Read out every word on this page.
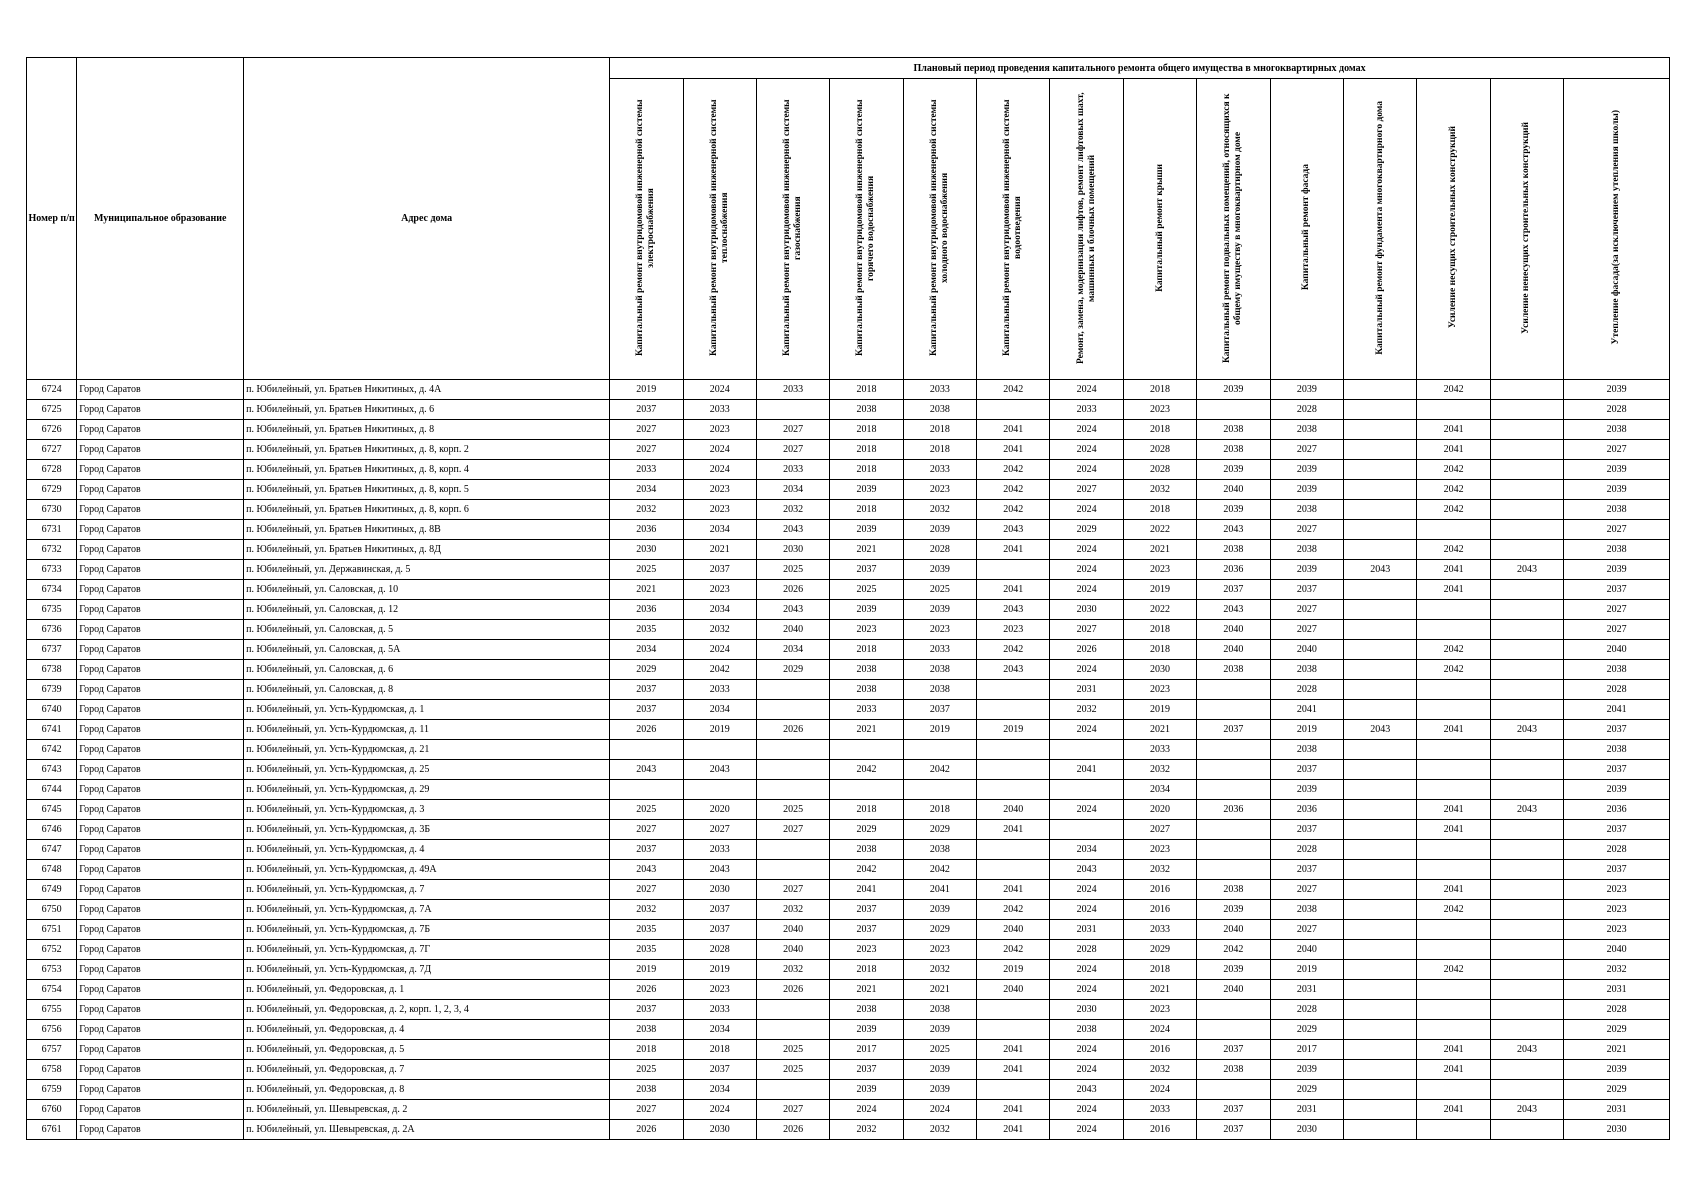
Номер п/п	Муниципальное образование	Адрес дома	Плановый период проведения капитального ремонта общего имущества в многоквартирных домах													
			Капитальный ремонт внутридомовой инженерной системы электроснабжения	Капитальный ремонт внутридомовой инженерной системы теплоснабжения	Капитальный ремонт внутридомовой инженерной системы газоснабжения	Капитальный ремонт внутридомовой инженерной системы горячего водоснабжения	Капитальный ремонт внутридомовой инженерной системы холодного водоснабжения	Капитальный ремонт внутридомовой инженерной системы водоотведения	Ремонт, замена, модернизация лифтов, ремонт лифтовых шахт, машинных и блочных помещений	Капитальный ремонт крыши	Капитальный ремонт подвальных помещений, относящихся к общему имуществу в многоквартирном доме	Капитальный ремонт фасада	Капитальный ремонт фундамента многоквартирного дома	Усиление несущих строительных конструкций	Усиление ненесущих строительных конструкций	Утепление фасада(за исключением утепления школы)
6724	Город Саратов	п. Юбилейный, ул. Братьев Никитиных, д. 4А	2019	2024	2033	2018	2033	2042	2024	2018	2039	2039		2042		2039
6725	Город Саратов	п. Юбилейный, ул. Братьев Никитиных, д. 6	2037	2033		2038	2038		2033	2023		2028				2028
6726	Город Саратов	п. Юбилейный, ул. Братьев Никитиных, д. 8	2027	2023	2027	2018	2018	2041	2024	2018	2038	2038		2041		2038
6727	Город Саратов	п. Юбилейный, ул. Братьев Никитиных, д. 8, корп. 2	2027	2024	2027	2018	2018	2041	2024	2028	2038	2027		2041		2027
6728	Город Саратов	п. Юбилейный, ул. Братьев Никитиных, д. 8, корп. 4	2033	2024	2033	2018	2033	2042	2024	2028	2039	2039		2042		2039
6729	Город Саратов	п. Юбилейный, ул. Братьев Никитиных, д. 8, корп. 5	2034	2023	2034	2039	2023	2042	2027	2032	2040	2039		2042		2039
6730	Город Саратов	п. Юбилейный, ул. Братьев Никитиных, д. 8, корп. 6	2032	2023	2032	2018	2032	2042	2024	2018	2039	2038		2042		2038
6731	Город Саратов	п. Юбилейный, ул. Братьев Никитиных, д. 8В	2036	2034	2043	2039	2039	2043	2029	2022	2043	2027				2027
6732	Город Саратов	п. Юбилейный, ул. Братьев Никитиных, д. 8Д	2030	2021	2030	2021	2028	2041	2024	2021	2038	2038		2042		2038
6733	Город Саратов	п. Юбилейный, ул. Державинская, д. 5	2025	2037	2025	2037	2039		2024	2023	2036	2039	2043	2041	2043	2039
6734	Город Саратов	п. Юбилейный, ул. Саловская, д. 10	2021	2023	2026	2025	2025	2041	2024	2019	2037	2037		2041		2037
6735	Город Саратов	п. Юбилейный, ул. Саловская, д. 12	2036	2034	2043	2039	2039	2043	2030	2022	2043	2027				2027
6736	Город Саратов	п. Юбилейный, ул. Саловская, д. 5	2035	2032	2040	2023	2023	2023	2027	2018	2040	2027				2027
6737	Город Саратов	п. Юбилейный, ул. Саловская, д. 5А	2034	2024	2034	2018	2033	2042	2026	2018	2040	2040		2042		2040
6738	Город Саратов	п. Юбилейный, ул. Саловская, д. 6	2029	2042	2029	2038	2038	2043	2024	2030	2038	2038		2042		2038
6739	Город Саратов	п. Юбилейный, ул. Саловская, д. 8	2037	2033		2038	2038		2031	2023		2028				2028
6740	Город Саратов	п. Юбилейный, ул. Усть-Курдюмская, д. 1	2037	2034		2033	2037		2032	2019		2041				2041
6741	Город Саратов	п. Юбилейный, ул. Усть-Курдюмская, д. 11	2026	2019	2026	2021	2019	2019	2024	2021	2037	2019	2043	2041	2043	2037
6742	Город Саратов	п. Юбилейный, ул. Усть-Курдюмская, д. 21								2033		2038				2038
6743	Город Саратов	п. Юбилейный, ул. Усть-Курдюмская, д. 25	2043	2043		2042	2042		2041	2032		2037				2037
6744	Город Саратов	п. Юбилейный, ул. Усть-Курдюмская, д. 29								2034		2039				2039
6745	Город Саратов	п. Юбилейный, ул. Усть-Курдюмская, д. 3	2025	2020	2025	2018	2018	2040	2024	2020	2036	2036		2041	2043	2036
6746	Город Саратов	п. Юбилейный, ул. Усть-Курдюмская, д. 3Б	2027	2027	2027	2029	2029	2041		2027		2037		2041		2037
6747	Город Саратов	п. Юбилейный, ул. Усть-Курдюмская, д. 4	2037	2033		2038	2038		2034	2023		2028				2028
6748	Город Саратов	п. Юбилейный, ул. Усть-Курдюмская, д. 49А	2043	2043		2042	2042		2043	2032		2037				2037
6749	Город Саратов	п. Юбилейный, ул. Усть-Курдюмская, д. 7	2027	2030	2027	2041	2041	2041	2024	2016	2038	2027		2041		2023
6750	Город Саратов	п. Юбилейный, ул. Усть-Курдюмская, д. 7А	2032	2037	2032	2037	2039	2042	2024	2016	2039	2038		2042		2023
6751	Город Саратов	п. Юбилейный, ул. Усть-Курдюмская, д. 7Б	2035	2037	2040	2037	2029	2040	2031	2033	2040	2027				2023
6752	Город Саратов	п. Юбилейный, ул. Усть-Курдюмская, д. 7Г	2035	2028	2040	2023	2023	2042	2028	2029	2042	2040				2040
6753	Город Саратов	п. Юбилейный, ул. Усть-Курдюмская, д. 7Д	2019	2019	2032	2018	2032	2019	2024	2018	2039	2019		2042		2032
6754	Город Саратов	п. Юбилейный, ул. Федоровская, д. 1	2026	2023	2026	2021	2021	2040	2024	2021	2040	2031				2031
6755	Город Саратов	п. Юбилейный, ул. Федоровская, д. 2, корп. 1, 2, 3, 4	2037	2033		2038	2038		2030	2023		2028				2028
6756	Город Саратов	п. Юбилейный, ул. Федоровская, д. 4	2038	2034		2039	2039		2038	2024		2029				2029
6757	Город Саратов	п. Юбилейный, ул. Федоровская, д. 5	2018	2018	2025	2017	2025	2041	2024	2016	2037	2017		2041	2043	2021
6758	Город Саратов	п. Юбилейный, ул. Федоровская, д. 7	2025	2037	2025	2037	2039	2041	2024	2032	2038	2039		2041		2039
6759	Город Саратов	п. Юбилейный, ул. Федоровская, д. 8	2038	2034		2039	2039		2043	2024		2029				2029
6760	Город Саратов	п. Юбилейный, ул. Шевыревская, д. 2	2027	2024	2027	2024	2024	2041	2024	2033	2037	2031		2041	2043	2031
6761	Город Саратов	п. Юбилейный, ул. Шевыревская, д. 2А	2026	2030	2026	2032	2032	2041	2024	2016	2037	2030				2030
